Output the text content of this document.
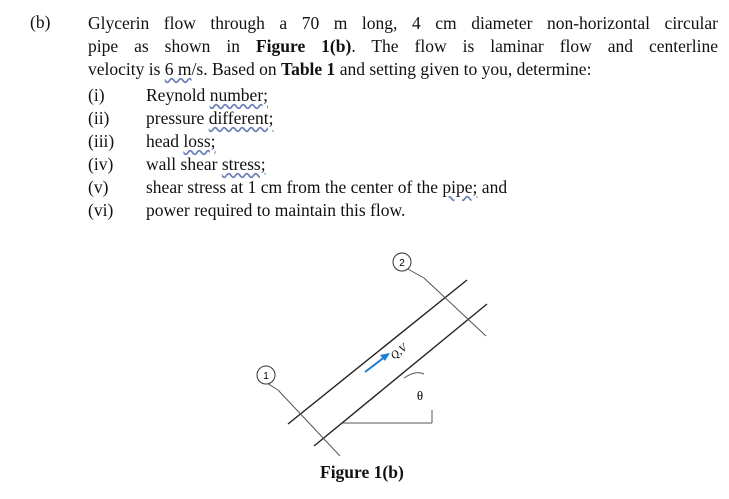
(b) Glycerin flow through a 70 m long, 4 cm diameter non-horizontal circular
pipe as shown in Figure 1(b). The flow is laminar flow and centerline
velocity is 6 m/s. Based on Table 1 and setting given to you, determine:
(i) Reynold number;
(ii) pressure different;
(iii) head loss;
(iv) wall shear stress;
(v) shear stress at 1 cm from the center of the pipe; and
(vi) power required to maintain this flow.
1
2
Q,V
θ
Figure 1(b)
